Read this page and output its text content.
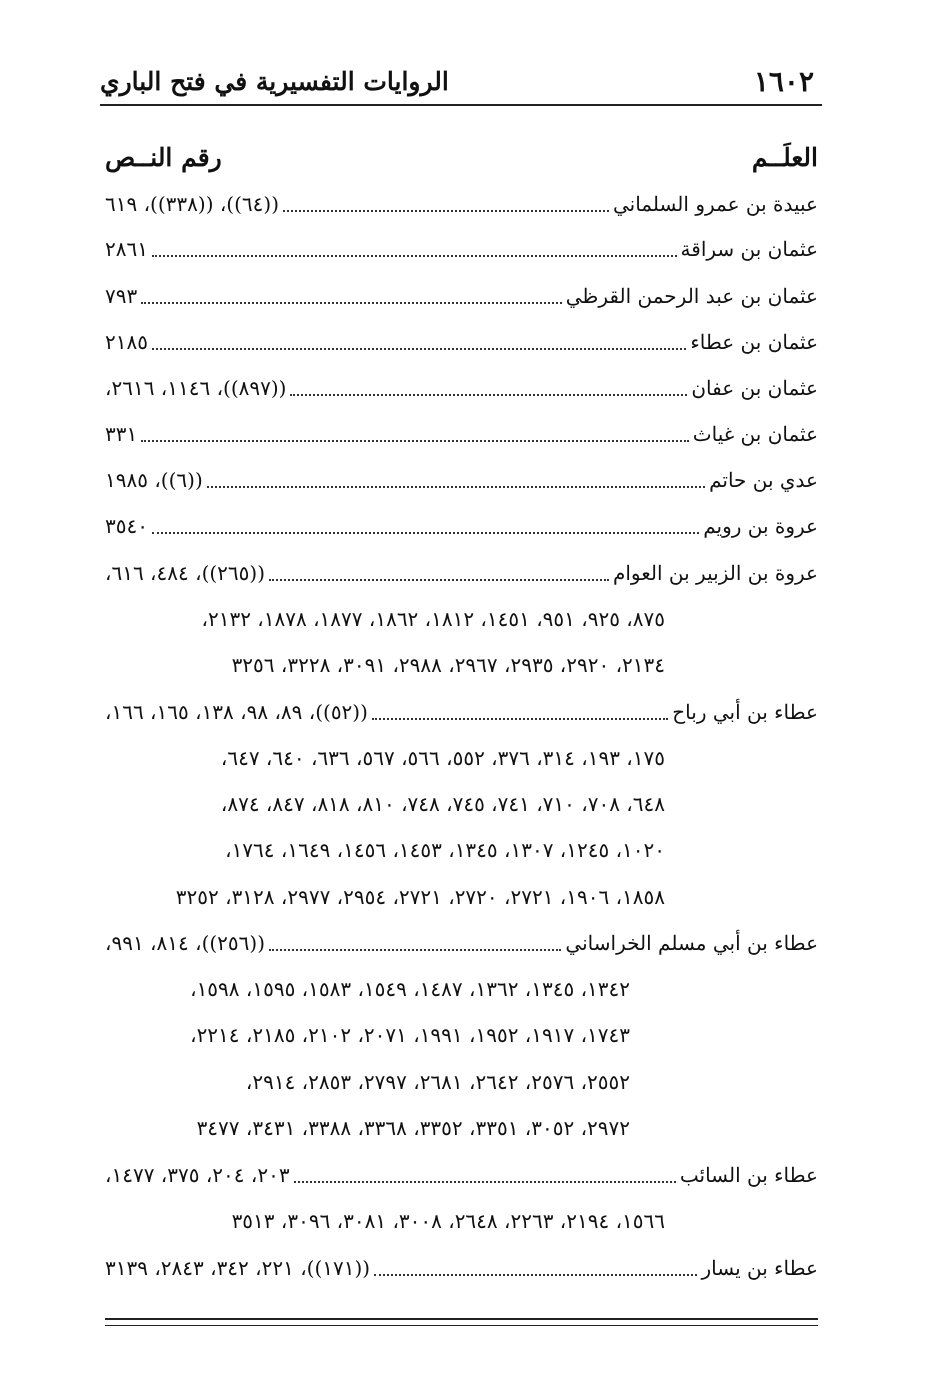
١٦٠٢
الروايات التفسيرية في فتح الباري
العلَــم
رقم النــص
عبيدة بن عمرو السلماني
((٦٤))، ((٣٣٨))، ٦١٩
عثمان بن سراقة
٢٨٦١
عثمان بن عبد الرحمن القرظي
٧٩٣
عثمان بن عطاء
٢١٨٥
عثمان بن عفان
((٨٩٧))، ١١٤٦، ٢٦١٦،
عثمان بن غياث
٣٣١
عدي بن حاتم
((٦))، ١٩٨٥
عروة بن رويم
٣٥٤٠
عروة بن الزبير بن العوام
((٢٦٥))، ٤٨٤، ٦١٦،
٨٧٥، ٩٢٥، ٩٥١، ١٤٥١، ١٨١٢، ١٨٦٢، ١٨٧٧، ١٨٧٨، ٢١٣٢،
٢١٣٤، ٢٩٢٠، ٢٩٣٥، ٢٩٦٧، ٢٩٨٨، ٣٠٩١، ٣٢٢٨، ٣٢٥٦
عطاء بن أبي رباح
((٥٢))، ٨٩، ٩٨، ١٣٨، ١٦٥، ١٦٦،
١٧٥، ١٩٣، ٣١٤، ٣٧٦، ٥٥٢، ٥٦٦، ٥٦٧، ٦٣٦، ٦٤٠، ٦٤٧،
٦٤٨، ٧٠٨، ٧١٠، ٧٤١، ٧٤٥، ٧٤٨، ٨١٠، ٨١٨، ٨٤٧، ٨٧٤،
١٠٢٠، ١٢٤٥، ١٣٠٧، ١٣٤٥، ١٤٥٣، ١٤٥٦، ١٦٤٩، ١٧٦٤،
١٨٥٨، ١٩٠٦، ٢٧٢١، ٢٧٢٠، ٢٧٢١، ٢٩٥٤، ٢٩٧٧، ٣١٢٨، ٣٢٥٢
عطاء بن أبي مسلم الخراساني
((٢٥٦))، ٨١٤، ٩٩١،
١٣٤٢، ١٣٤٥، ١٣٦٢، ١٤٨٧، ١٥٤٩، ١٥٨٣، ١٥٩٥، ١٥٩٨،
١٧٤٣، ١٩١٧، ١٩٥٢، ١٩٩١، ٢٠٧١، ٢١٠٢، ٢١٨٥، ٢٢١٤،
٢٥٥٢، ٢٥٧٦، ٢٦٤٢، ٢٦٨١، ٢٧٩٧، ٢٨٥٣، ٢٩١٤،
٢٩٧٢، ٣٠٥٢، ٣٣٥١، ٣٣٥٢، ٣٣٦٨، ٣٣٨٨، ٣٤٣١، ٣٤٧٧
عطاء بن السائب
٢٠٣، ٢٠٤، ٣٧٥، ١٤٧٧،
١٥٦٦، ٢١٩٤، ٢٢٦٣، ٢٦٤٨، ٣٠٠٨، ٣٠٨١، ٣٠٩٦، ٣٥١٣
عطاء بن يسار
((١٧١))، ٢٢١، ٣٤٢، ٢٨٤٣، ٣١٣٩
